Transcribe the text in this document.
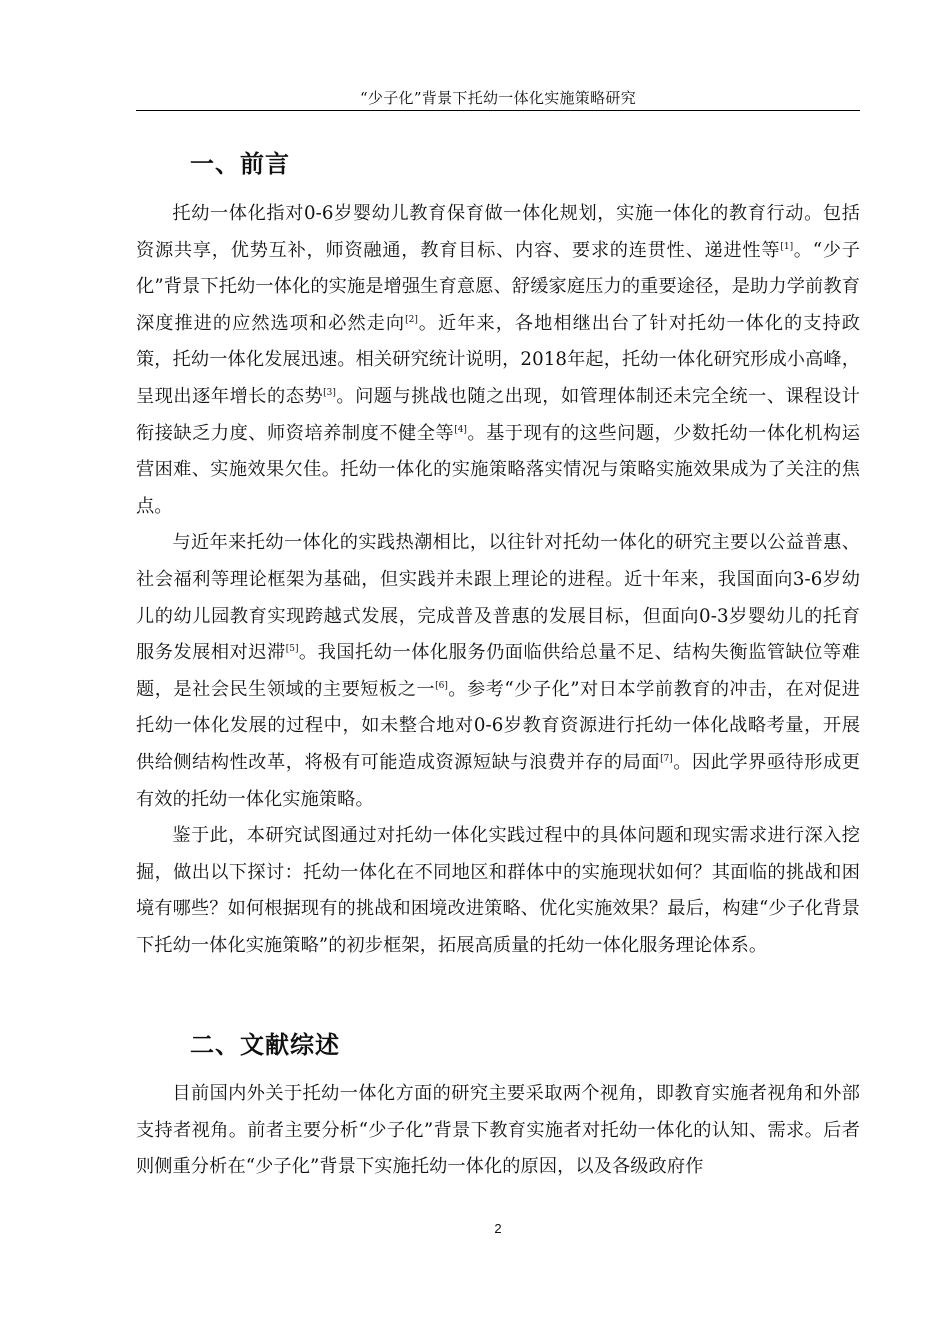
“少子化”背景下托幼一体化实施策略研究
一、前言

托幼一体化指对0-6岁婴幼儿教育保育做一体化规划，实施一体化的教育行动。包括资源共享，优势互补，师资融通，教育目标、内容、要求的连贯性、递进性等[1]。“少子化”背景下托幼一体化的实施是增强生育意愿、舒缓家庭压力的重要途径，是助力学前教育深度推进的应然选项和必然走向[2]。近年来，各地相继出台了针对托幼一体化的支持政策，托幼一体化发展迅速。相关研究统计说明，2018年起，托幼一体化研究形成小高峰，呈现出逐年增长的态势[3]。问题与挑战也随之出现，如管理体制还未完全统一、课程设计衔接缺乏力度、师资培养制度不健全等[4]。基于现有的这些问题，少数托幼一体化机构运营困难、实施效果欠佳。托幼一体化的实施策略落实情况与策略实施效果成为了关注的焦点。

与近年来托幼一体化的实践热潮相比，以往针对托幼一体化的研究主要以公益普惠、社会福利等理论框架为基础，但实践并未跟上理论的进程。近十年来，我国面向3-6岁幼儿的幼儿园教育实现跨越式发展，完成普及普惠的发展目标，但面向0-3岁婴幼儿的托育服务发展相对迟滞[5]。我国托幼一体化服务仍面临供给总量不足、结构失衡监管缺位等难题，是社会民生领域的主要短板之一[6]。参考“少子化”对日本学前教育的冲击，在对促进托幼一体化发展的过程中，如未整合地对0-6岁教育资源进行托幼一体化战略考量，开展供给侧结构性改革，将极有可能造成资源短缺与浪费并存的局面[7]。因此学界亟待形成更有效的托幼一体化实施策略。

鉴于此，本研究试图通过对托幼一体化实践过程中的具体问题和现实需求进行深入挖掘，做出以下探讨：托幼一体化在不同地区和群体中的实施现状如何？其面临的挑战和困境有哪些？如何根据现有的挑战和困境改进策略、优化实施效果？最后，构建“少子化背景下托幼一体化实施策略”的初步框架，拓展高质量的托幼一体化服务理论体系。

二、文献综述

目前国内外关于托幼一体化方面的研究主要采取两个视角，即教育实施者视角和外部支持者视角。前者主要分析“少子化”背景下教育实施者对托幼一体化的认知、需求。后者则侧重分析在“少子化”背景下实施托幼一体化的原因，以及各级政府作

2
